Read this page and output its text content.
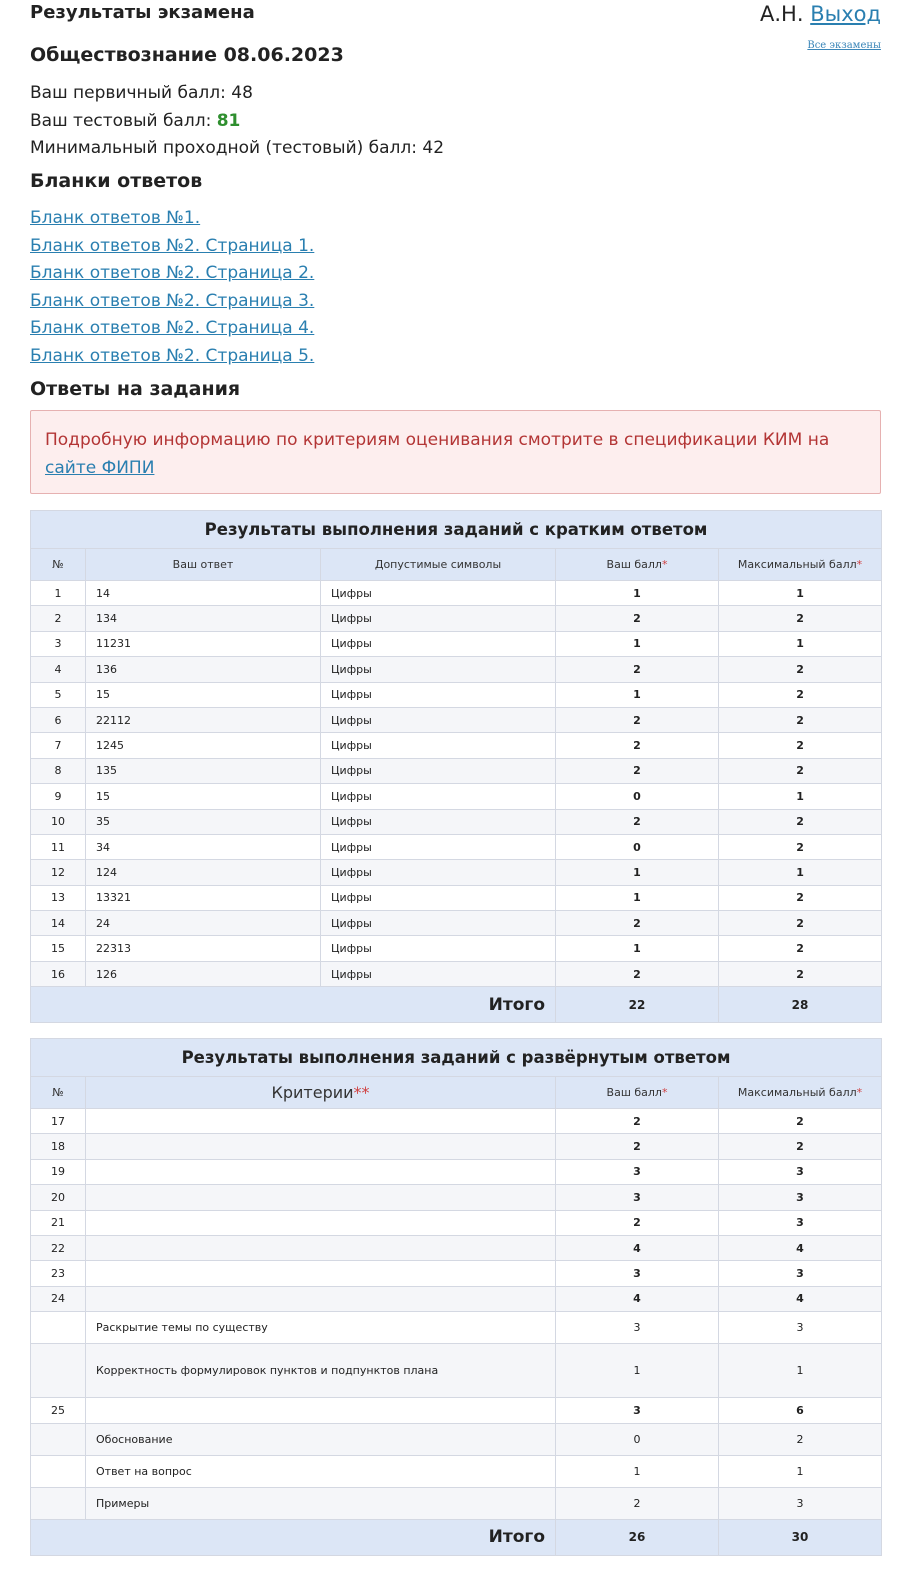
Результаты экзамена	А.Н. Выход
Все экзамены
Обществознание 08.06.2023
Ваш первичный балл: 48
Ваш тестовый балл: 81
Минимальный проходной (тестовый) балл: 42
Бланки ответов
Бланк ответов №1.
Бланк ответов №2. Страница 1.
Бланк ответов №2. Страница 2.
Бланк ответов №2. Страница 3.
Бланк ответов №2. Страница 4.
Бланк ответов №2. Страница 5.
Ответы на задания
Подробную информацию по критериям оценивания смотрите в спецификации КИМ на сайте ФИПИ
Результаты выполнения заданий с кратким ответом				
№	Ваш ответ	Допустимые символы	Ваш балл*	Максимальный балл*
1	14	Цифры	1	1
2	134	Цифры	2	2
3	11231	Цифры	1	1
4	136	Цифры	2	2
5	15	Цифры	1	2
6	22112	Цифры	2	2
7	1245	Цифры	2	2
8	135	Цифры	2	2
9	15	Цифры	0	1
10	35	Цифры	2	2
11	34	Цифры	0	2
12	124	Цифры	1	1
13	13321	Цифры	1	2
14	24	Цифры	2	2
15	22313	Цифры	1	2
16	126	Цифры	2	2
Итого			22	28
Результаты выполнения заданий с развёрнутым ответом			
№	Критерии**	Ваш балл*	Максимальный балл*
17		2	2
18		2	2
19		3	3
20		3	3
21		2	3
22		4	4
23		3	3
24		4	4
	Раскрытие темы по существу	3	3
	Корректность формулировок пунктов и подпунктов плана	1	1
25		3	6
	Обоснование	0	2
	Ответ на вопрос	1	1
	Примеры	2	3
Итого		26	30
